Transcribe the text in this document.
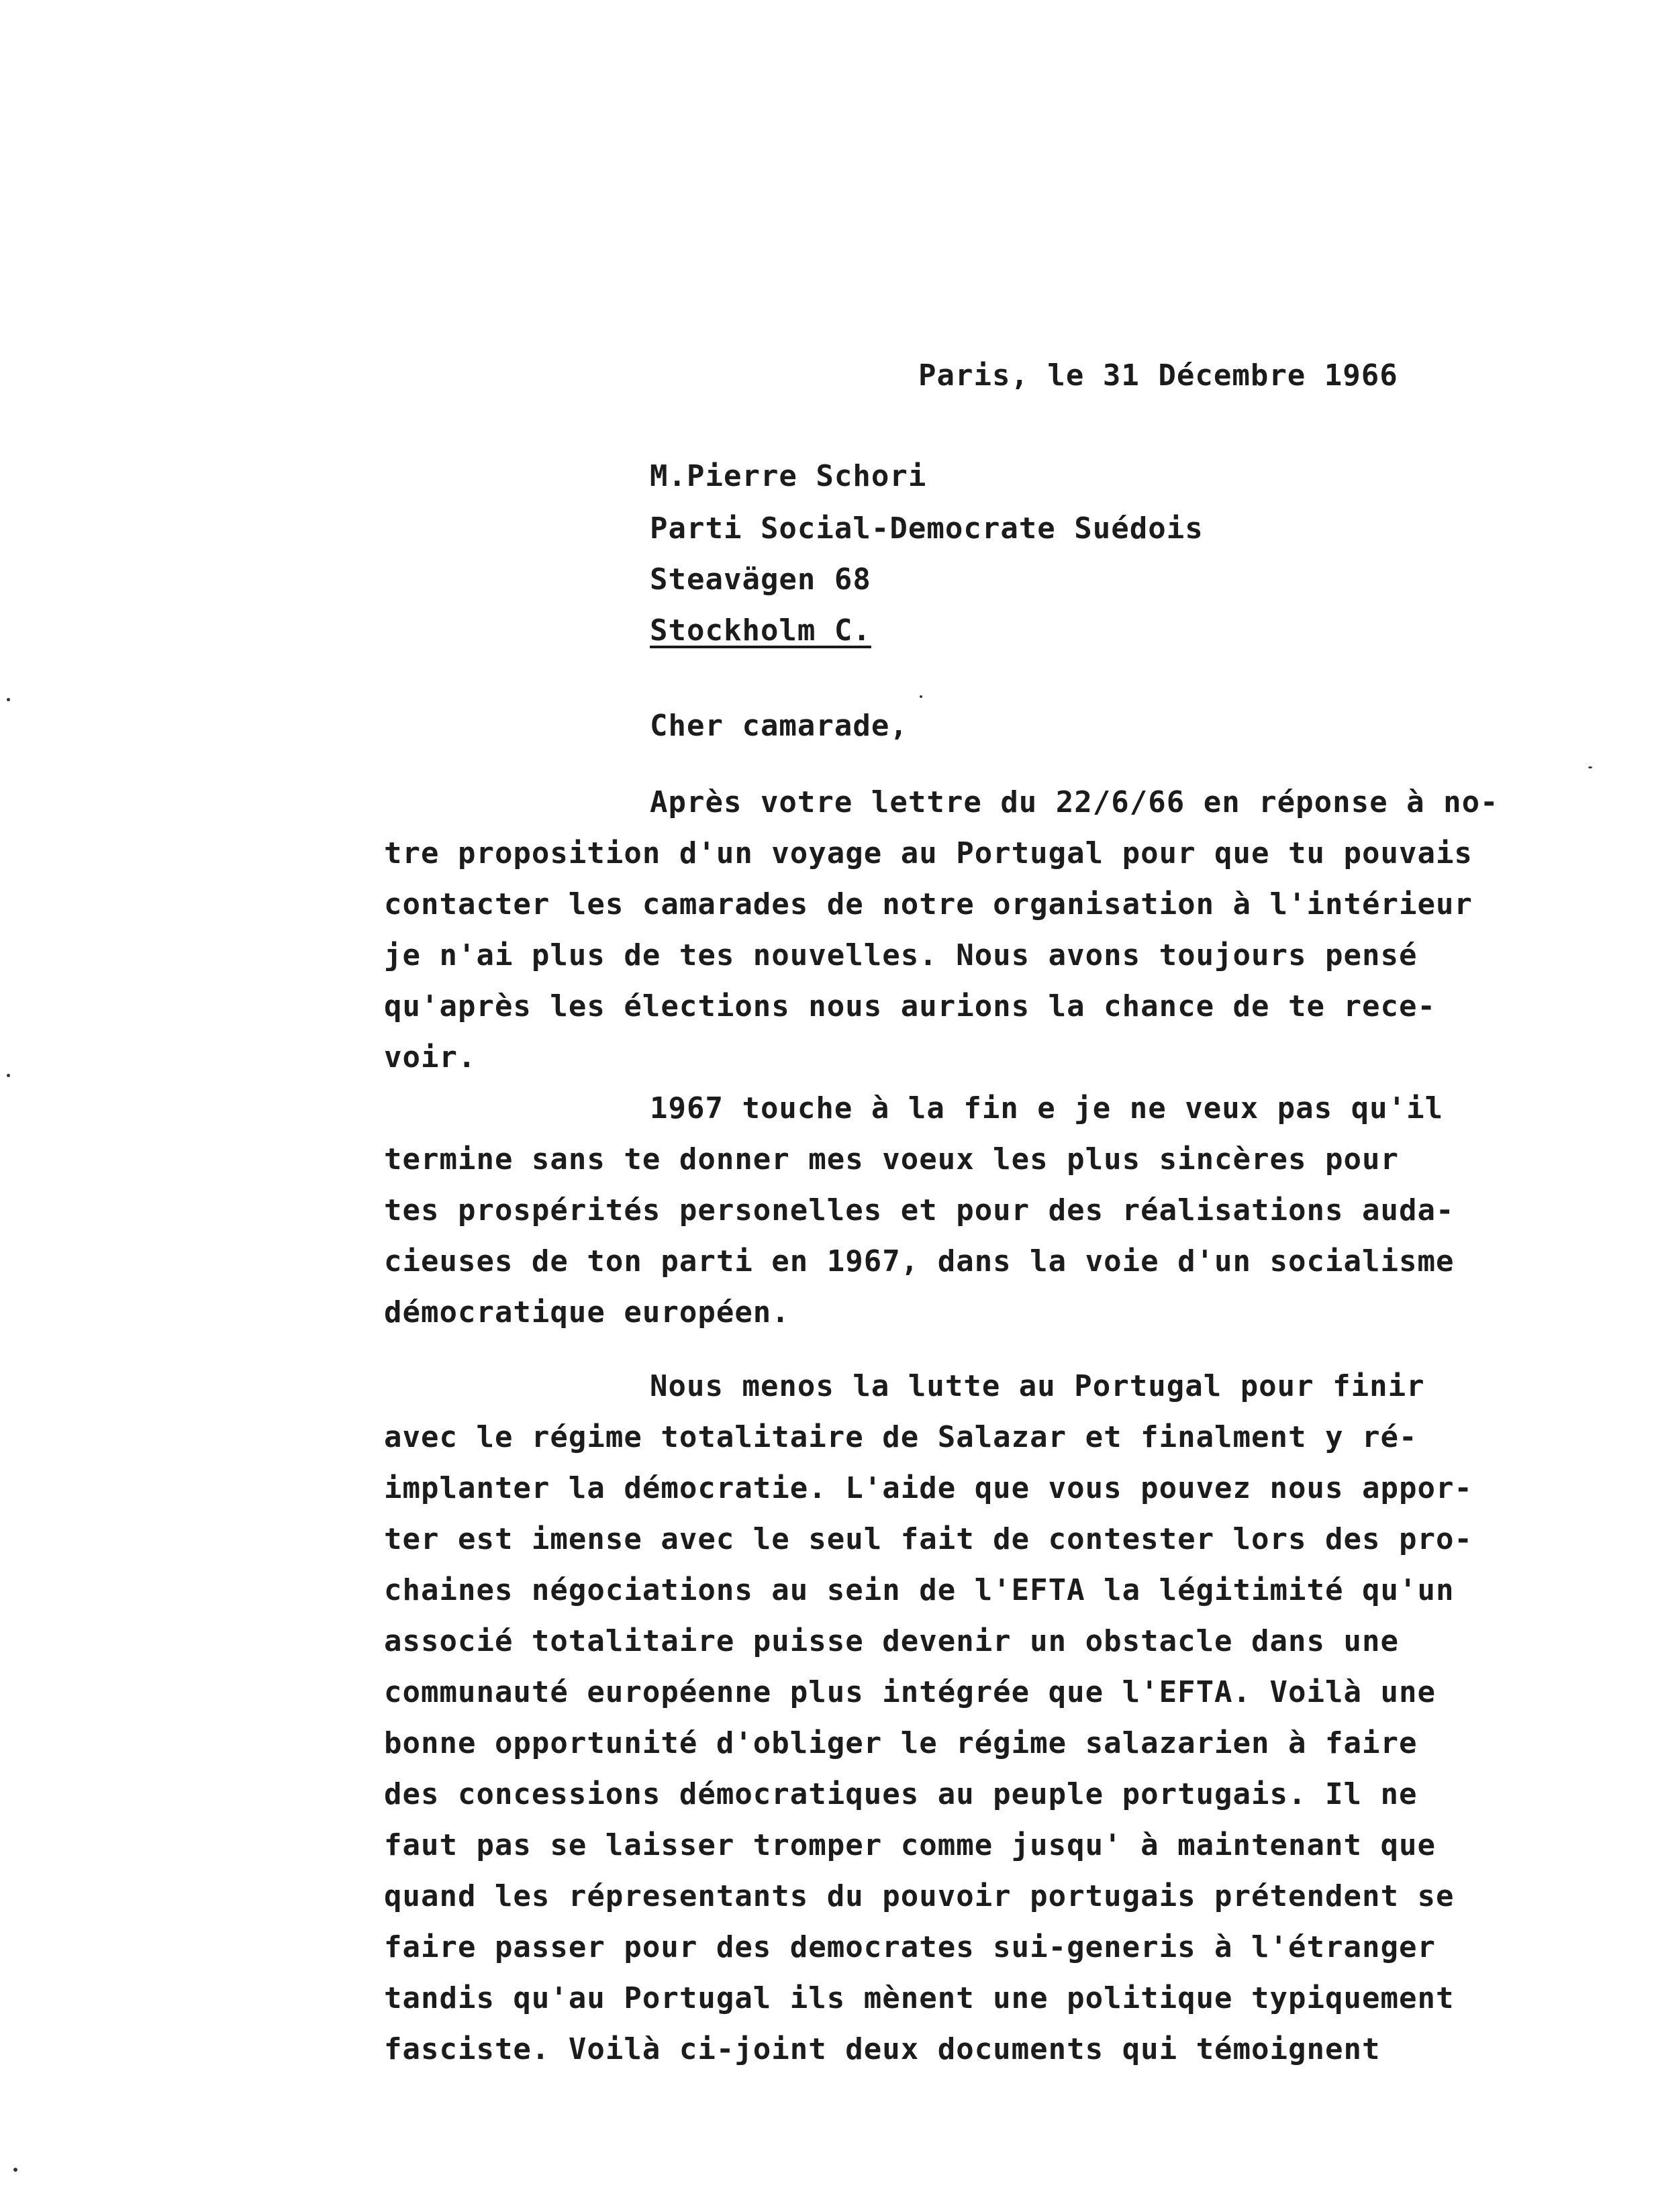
Paris, le 31 Décembre 1966
M.Pierre Schori
Parti Social-Democrate Suédois
Steavägen 68
Stockholm C.
Cher camarade,
Après votre lettre du 22/6/66 en réponse à no-
tre proposition d'un voyage au Portugal pour que tu pouvais
contacter les camarades de notre organisation à l'intérieur
je n'ai plus de tes nouvelles. Nous avons toujours pensé
qu'après les élections nous aurions la chance de te rece-
voir.
1967 touche à la fin e je ne veux pas qu'il
termine sans te donner mes voeux les plus sincères pour
tes prospérités personelles et pour des réalisations auda-
cieuses de ton parti en 1967, dans la voie d'un socialisme
démocratique européen.
Nous menos la lutte au Portugal pour finir
avec le régime totalitaire de Salazar et finalment y ré-
implanter la démocratie. L'aide que vous pouvez nous appor-
ter est imense avec le seul fait de contester lors des pro-
chaines négociations au sein de l'EFTA la légitimité qu'un
associé totalitaire puisse devenir un obstacle dans une
communauté européenne plus intégrée que l'EFTA. Voilà une
bonne opportunité d'obliger le régime salazarien à faire
des concessions démocratiques au peuple portugais. Il ne
faut pas se laisser tromper comme jusqu' à maintenant que
quand les répresentants du pouvoir portugais prétendent se
faire passer pour des democrates sui-generis à l'étranger
tandis qu'au Portugal ils mènent une politique typiquement
fasciste. Voilà ci-joint deux documents qui témoignent
